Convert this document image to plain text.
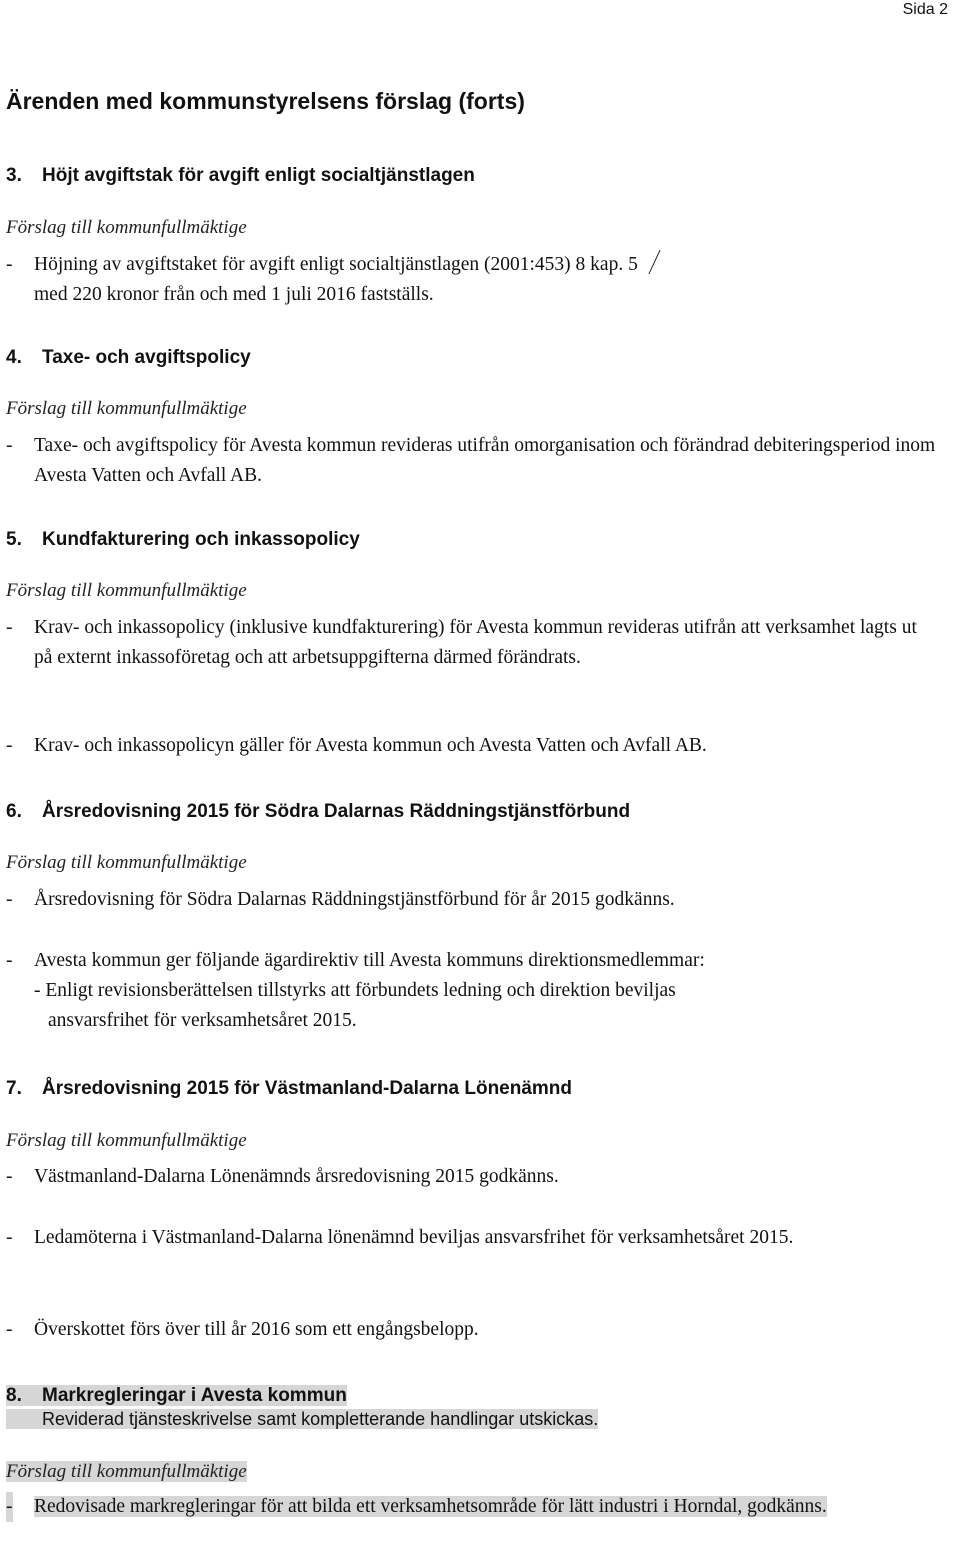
Sida 2
Ärenden med kommunstyrelsens förslag (forts)
3. Höjt avgiftstak för avgift enligt socialtjänstlagen
Förslag till kommunfullmäktige
- Höjning av avgiftstaket för avgift enligt socialtjänstlagen (2001:453) 8 kap. 5
med 220 kronor från och med 1 juli 2016 fastställs.
4. Taxe- och avgiftspolicy
Förslag till kommunfullmäktige
- Taxe- och avgiftspolicy för Avesta kommun revideras utifrån omorganisation och förändrad debiteringsperiod inom Avesta Vatten och Avfall AB.
5. Kundfakturering och inkassopolicy
Förslag till kommunfullmäktige
- Krav- och inkassopolicy (inklusive kundfakturering) för Avesta kommun revideras utifrån att verksamhet lagts ut på externt inkassoföretag och att arbetsuppgifterna därmed förändrats.
- Krav- och inkassopolicyn gäller för Avesta kommun och Avesta Vatten och Avfall AB.
6. Årsredovisning 2015 för Södra Dalarnas Räddningstjänstförbund
Förslag till kommunfullmäktige
- Årsredovisning för Södra Dalarnas Räddningstjänstförbund för år 2015 godkänns.
- Avesta kommun ger följande ägardirektiv till Avesta kommuns direktionsmedlemmar:
- Enligt revisionsberättelsen tillstyrks att förbundets ledning och direktion beviljas
ansvarsfrihet för verksamhetsåret 2015.
7. Årsredovisning 2015 för Västmanland-Dalarna Lönenämnd
Förslag till kommunfullmäktige
- Västmanland-Dalarna Lönenämnds årsredovisning 2015 godkänns.
- Ledamöterna i Västmanland-Dalarna lönenämnd beviljas ansvarsfrihet för verksamhetsåret 2015.
- Överskottet förs över till år 2016 som ett engångsbelopp.
8. Markregleringar i Avesta kommun
Reviderad tjänsteskrivelse samt kompletterande handlingar utskickas.
Förslag till kommunfullmäktige
- Redovisade markregleringar för att bilda ett verksamhetsområde för lätt industri i Horndal, godkänns.
